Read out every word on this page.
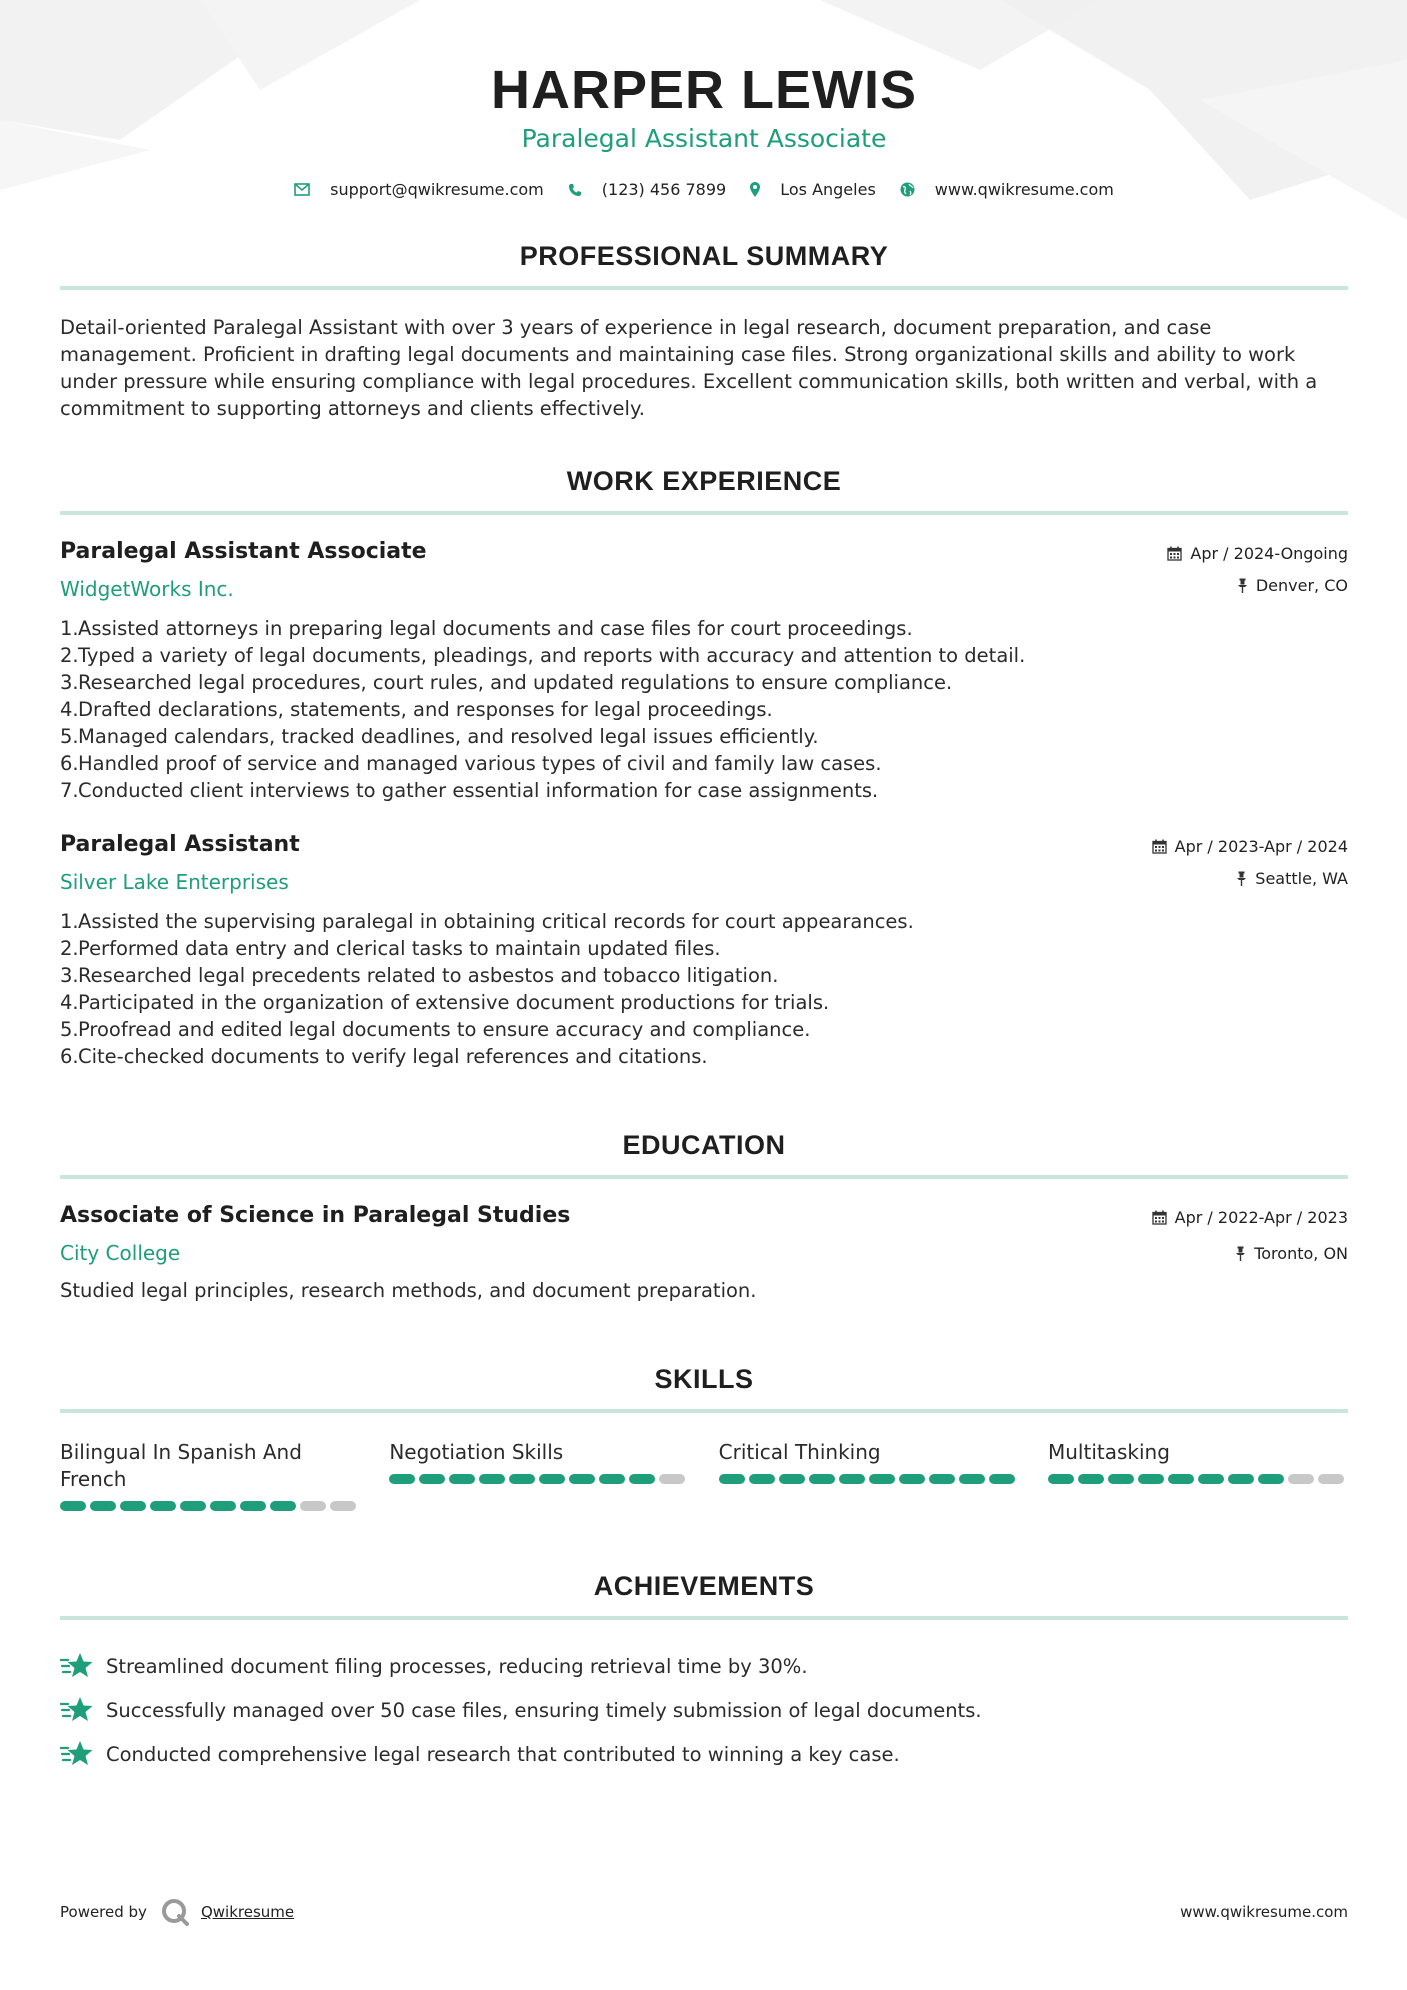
HARPER LEWIS
Paralegal Assistant Associate
support@qwikresume.com	(123) 456 7899	Los Angeles	www.qwikresume.com
PROFESSIONAL SUMMARY
Detail-oriented Paralegal Assistant with over 3 years of experience in legal research, document preparation, and case management. Proficient in drafting legal documents and maintaining case files. Strong organizational skills and ability to work under pressure while ensuring compliance with legal procedures. Excellent communication skills, both written and verbal, with a commitment to supporting attorneys and clients effectively.
WORK EXPERIENCE
Paralegal Assistant Associate
WidgetWorks Inc.
Apr / 2024-Ongoing
Denver, CO
1. Assisted attorneys in preparing legal documents and case files for court proceedings.
2. Typed a variety of legal documents, pleadings, and reports with accuracy and attention to detail.
3. Researched legal procedures, court rules, and updated regulations to ensure compliance.
4. Drafted declarations, statements, and responses for legal proceedings.
5. Managed calendars, tracked deadlines, and resolved legal issues efficiently.
6. Handled proof of service and managed various types of civil and family law cases.
7. Conducted client interviews to gather essential information for case assignments.
Paralegal Assistant
Silver Lake Enterprises
Apr / 2023-Apr / 2024
Seattle, WA
1. Assisted the supervising paralegal in obtaining critical records for court appearances.
2. Performed data entry and clerical tasks to maintain updated files.
3. Researched legal precedents related to asbestos and tobacco litigation.
4. Participated in the organization of extensive document productions for trials.
5. Proofread and edited legal documents to ensure accuracy and compliance.
6. Cite-checked documents to verify legal references and citations.
EDUCATION
Associate of Science in Paralegal Studies
City College
Apr / 2022-Apr / 2023
Toronto, ON
Studied legal principles, research methods, and document preparation.
SKILLS
Bilingual In Spanish And French
Negotiation Skills	Critical Thinking	Multitasking
ACHIEVEMENTS
Streamlined document filing processes, reducing retrieval time by 30%.
Successfully managed over 50 case files, ensuring timely submission of legal documents.
Conducted comprehensive legal research that contributed to winning a key case.
Powered by	Qwikresume	www.qwikresume.com
